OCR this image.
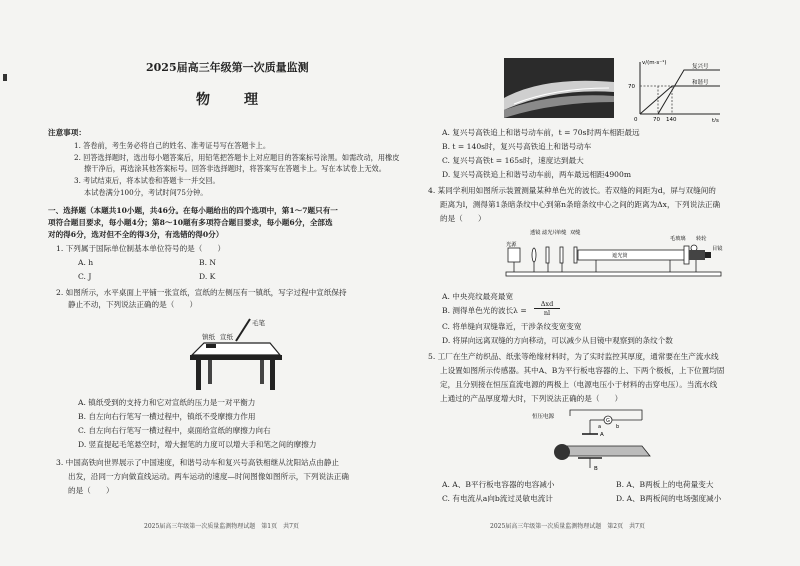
2025届高三年级第一次质量监测
物　理
注意事项：
1. 答卷前，考生务必将自己的姓名、准考证号写在答题卡上。
2. 回答选择题时，选出每小题答案后，用铅笔把答题卡上对应题目的答案标号涂黑。如需改动，用橡皮
擦干净后，再选涂其他答案标号。回答非选择题时，将答案写在答题卡上。写在本试卷上无效。
3. 考试结束后，将本试卷和答题卡一并交回。
本试卷满分100分，考试时间75分钟。
一、选择题（本题共10小题，共46分。在每小题给出的四个选项中，第1～7题只有一
项符合题目要求，每小题4分；第8～10题有多项符合题目要求，每小题6分，全部选
对的得6分，选对但不全的得3分，有选错的得0分）
1. 下列属于国际单位制基本单位符号的是（　　）
A. h	B. N
C. J	D. K
2. 如图所示，水平桌面上平铺一张宣纸，宣纸的左侧压有一镇纸，写字过程中宣纸保持
静止不动，下列说法正确的是（　　）
毛笔
镇纸 宣纸
A. 镇纸受到的支持力和它对宣纸的压力是一对平衡力
B. 自左向右行笔写一横过程中，镇纸不受摩擦力作用
C. 自左向右行笔写一横过程中，桌面给宣纸的摩擦力向右
D. 竖直提起毛笔悬空时，增大握笔的力度可以增大手和笔之间的摩擦力
3. 中国高铁向世界展示了中国速度，和谐号动车和复兴号高铁相继从沈阳站点由静止
出发，沿同一方向做直线运动。两车运动的速度—时间图像如图所示，下列说法正确
的是（　　）
2025届高三年级第一次质量监测物理试题　第1页　共7页
v/(m·s⁻¹)
t/s
70
0	70 140
复兴号
和谐号
A. 复兴号高铁追上和谐号动车前，t = 70s时两车相距最远
B. t = 140s时，复兴号高铁追上和谐号动车
C. 复兴号高铁t = 165s时，速度达到最大
D. 复兴号高铁追上和谐号动车前，两车最远相距4900m
4. 某同学利用如图所示装置测量某种单色光的波长。若双缝的间距为d，屏与双缝间的
距离为l，测得第1条暗条纹中心到第n条暗条纹中心之间的距离为Δx，下列说法正确
的是（　　）
光源
透镜 滤光片
单缝 双缝
遮光筒
毛玻璃 转轮
目镜
A. 中央亮纹最亮最宽
B. 测得单色光的波长λ =
Δxd
nl
C. 将单缝向双缝靠近，干涉条纹变宽变宽
D. 将屏向远离双缝的方向移动，可以减少从目镜中观察到的条纹个数
5. 工厂在生产纺织品、纸张等绝缘材料时，为了实时监控其厚度，通常要在生产流水线
上设置如图所示传感器。其中A、B为平行板电容器的上、下两个极板，上下位置均固
定，且分别接在恒压直流电源的两极上（电源电压小于材料的击穿电压）。当流水线
上通过的产品厚度增大时，下列说法正确的是（　　）
恒压电源
G
a	b
A
B
A. A、B平行板电容器的电容减小	B. A、B两板上的电荷量变大
C. 有电流从a向b流过灵敏电流计	D. A、B两板间的电场强度减小
2025届高三年级第一次质量监测物理试题　第2页　共7页
